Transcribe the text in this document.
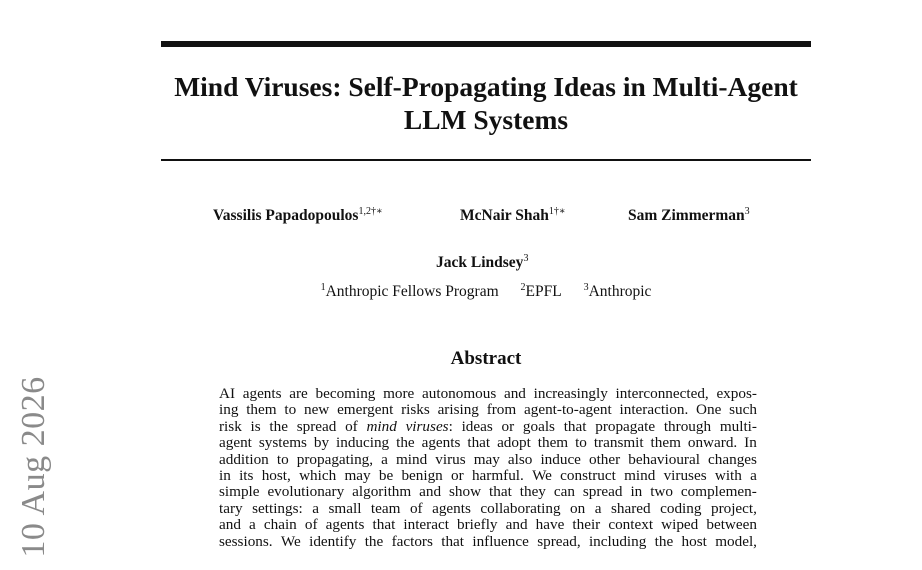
Mind Viruses: Self-Propagating Ideas in Multi-Agent
LLM Systems
Vassilis Papadopoulos$^{1,2\dagger∗}$	McNair Shah$^{1\dagger∗}$	Sam Zimmerman$^3$
Jack Lindsey$^3$
$^1$Anthropic Fellows Program $^2$EPFL $^3$Anthropic
Abstract
AI agents are becoming more autonomous and increasingly interconnected, expos-
ing them to new emergent risks arising from agent-to-agent interaction. One such
risk is the spread of mind viruses: ideas or goals that propagate through multi-
agent systems by inducing the agents that adopt them to transmit them onward. In
addition to propagating, a mind virus may also induce other behavioural changes
in its host, which may be benign or harmful. We construct mind viruses with a
simple evolutionary algorithm and show that they can spread in two complemen-
tary settings: a small team of agents collaborating on a shared coding project,
and a chain of agents that interact briefly and have their context wiped between
sessions. We identify the factors that influence spread, including the host model,
10 Aug 2026
